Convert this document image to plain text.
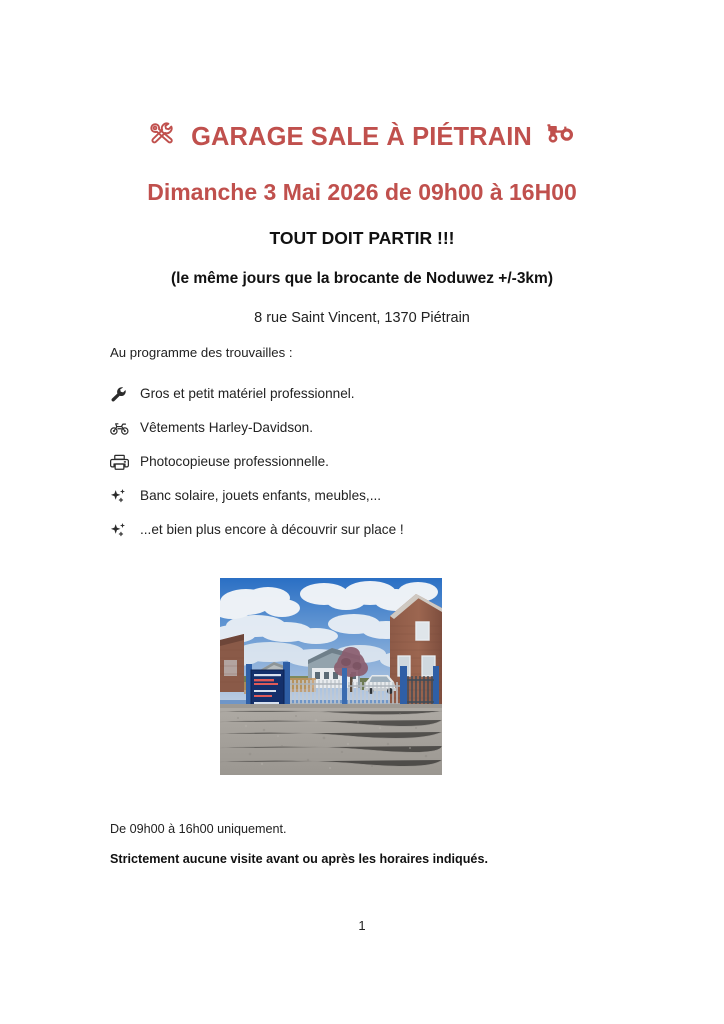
GARAGE SALE À PIÉTRAIN
Dimanche 3 Mai 2026 de 09h00 à 16H00
TOUT DOIT PARTIR !!!
(le même jours que la brocante de Noduwez +/-3km)
8 rue Saint Vincent, 1370 Piétrain
Au programme des trouvailles :
Gros et petit matériel professionnel.
Vêtements Harley-Davidson.
Photocopieuse professionnelle.
Banc solaire, jouets enfants, meubles,...
...et bien plus encore à découvrir sur place !
De 09h00 à 16h00 uniquement.
Strictement aucune visite avant ou après les horaires indiqués.
1
